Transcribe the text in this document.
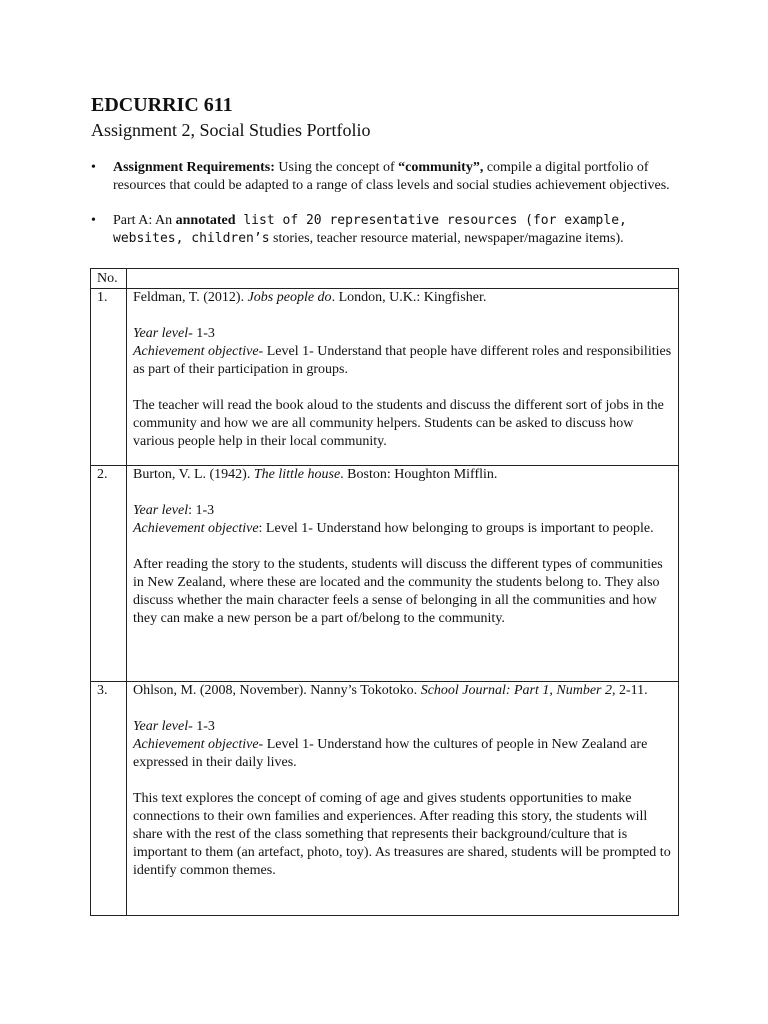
EDCURRIC 611
Assignment 2, Social Studies Portfolio
• Assignment Requirements: Using the concept of “community”, compile a digital portfolio of resources that could be adapted to a range of class levels and social studies achievement objectives.
• Part A: An annotated list of 20 representative resources (for example, websites, children’s stories, teacher resource material, newspaper/magazine items).
No.	
1.	Feldman, T. (2012). Jobs people do. London, U.K.: Kingfisher.

Year level- 1-3
Achievement objective- Level 1- Understand that people have different roles and responsibilities as part of their participation in groups.

The teacher will read the book aloud to the students and discuss the different sort of jobs in the community and how we are all community helpers. Students can be asked to discuss how various people help in their local community.

2.	Burton, V. L. (1942). The little house. Boston: Houghton Mifflin.

Year level: 1-3
Achievement objective: Level 1- Understand how belonging to groups is important to people.

After reading the story to the students, students will discuss the different types of communities in New Zealand, where these are located and the community the students belong to. They also discuss whether the main character feels a sense of belonging in all the communities and how they can make a new person be a part of/belong to the community.

3.	Ohlson, M. (2008, November). Nanny’s Tokotoko. School Journal: Part 1, Number 2, 2-11.

Year level- 1-3
Achievement objective- Level 1- Understand how the cultures of people in New Zealand are expressed in their daily lives.

This text explores the concept of coming of age and gives students opportunities to make connections to their own families and experiences. After reading this story, the students will share with the rest of the class something that represents their background/culture that is important to them (an artefact, photo, toy). As treasures are shared, students will be prompted to identify common themes.
